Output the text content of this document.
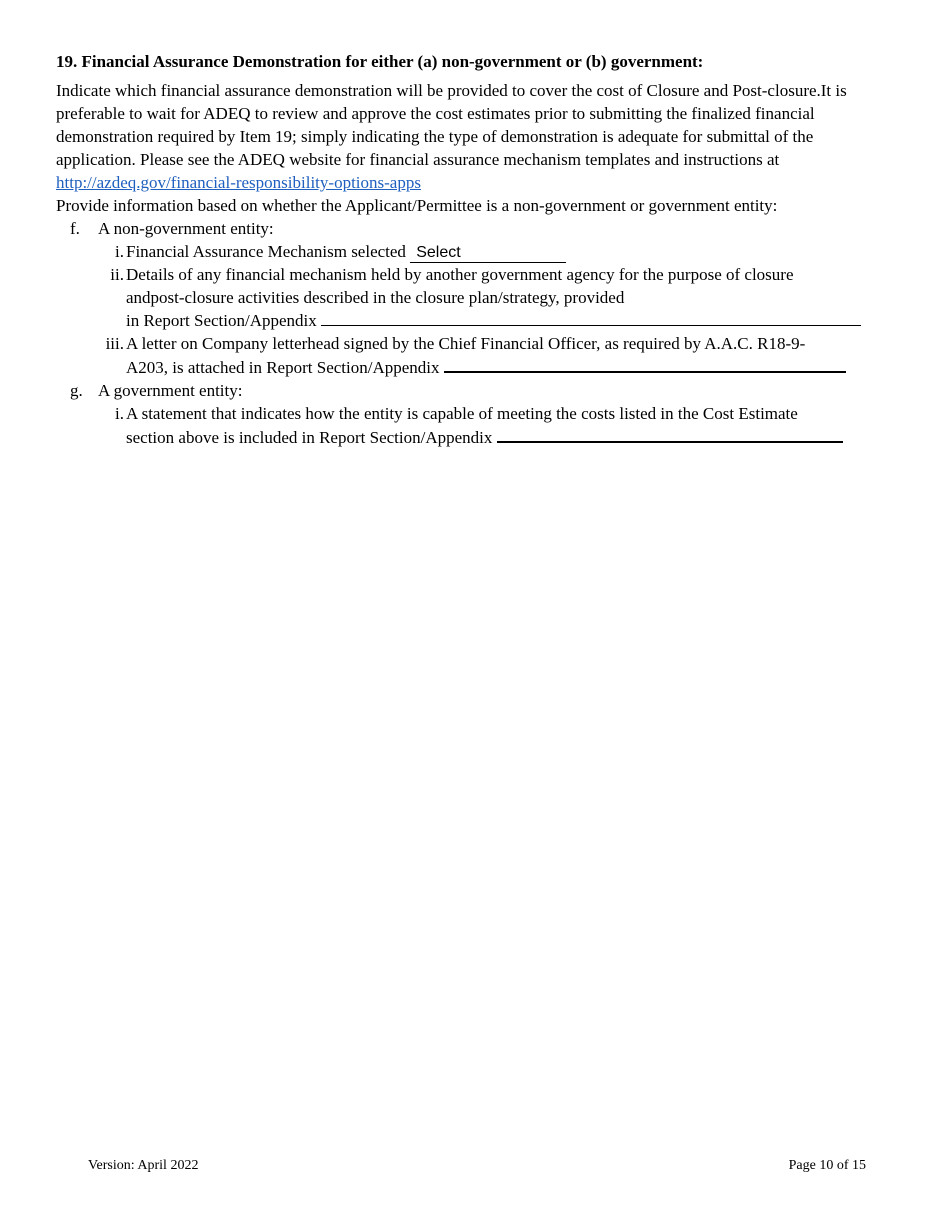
19. Financial Assurance Demonstration for either (a) non-government or (b) government:

Indicate which financial assurance demonstration will be provided to cover the cost of Closure and Post-closure.It is preferable to wait for ADEQ to review and approve the cost estimates prior to submitting the finalized financial demonstration required by Item 19; simply indicating the type of demonstration is adequate for submittal of the application. Please see the ADEQ website for financial assurance mechanism templates and instructions at http://azdeq.gov/financial-responsibility-options-apps

Provide information based on whether the Applicant/Permittee is a non-government or government entity:

f. A non-government entity:
i. Financial Assurance Mechanism selected Select
ii. Details of any financial mechanism held by another government agency for the purpose of closure
andpost-closure activities described in the closure plan/strategy, provided
in Report Section/Appendix
iii. A letter on Company letterhead signed by the Chief Financial Officer, as required by A.A.C. R18-9-
A203, is attached in Report Section/Appendix
g. A government entity:
i. A statement that indicates how the entity is capable of meeting the costs listed in the Cost Estimate
section above is included in Report Section/Appendix
Version: April 2022	Page 10 of 15
